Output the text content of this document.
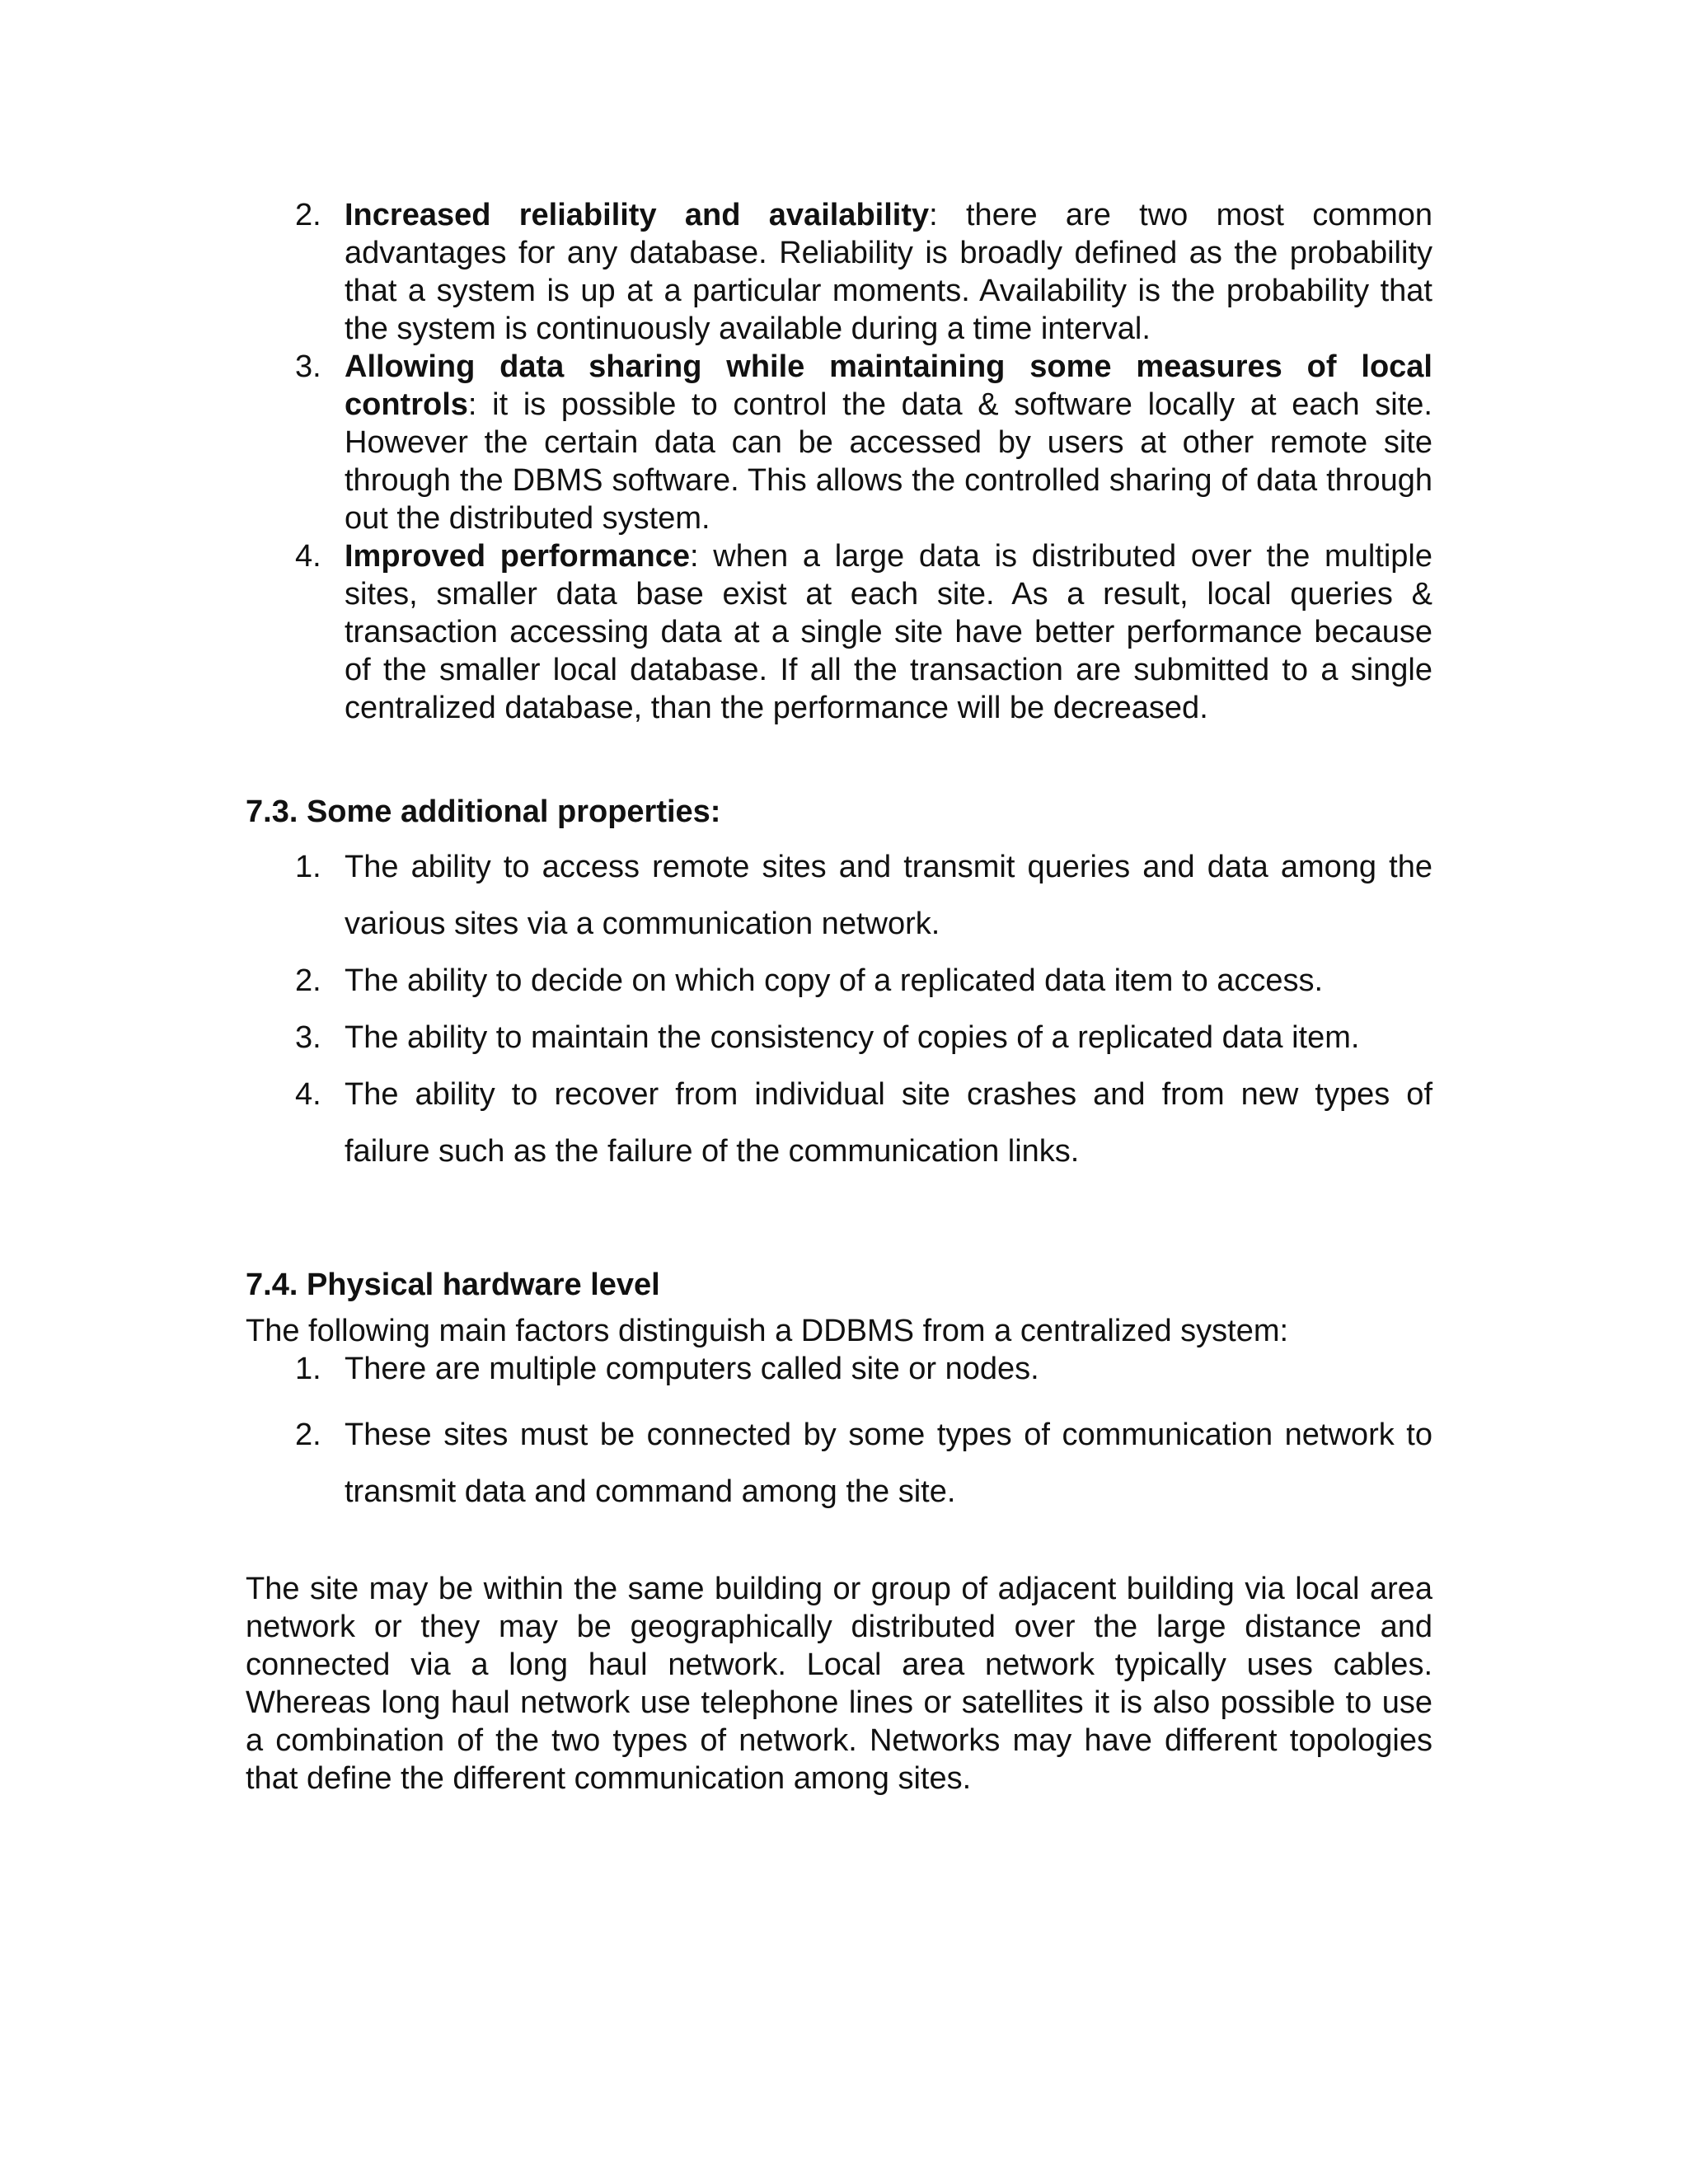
2. Increased reliability and availability: there are two most common advantages for any database. Reliability is broadly defined as the probability that a system is up at a particular moments. Availability is the probability that the system is continuously available during a time interval.
3. Allowing data sharing while maintaining some measures of local controls: it is possible to control the data & software locally at each site. However the certain data can be accessed by users at other remote site through the DBMS software. This allows the controlled sharing of data through out the distributed system.
4. Improved performance: when a large data is distributed over the multiple sites, smaller data base exist at each site. As a result, local queries & transaction accessing data at a single site have better performance because of the smaller local database. If all the transaction are submitted to a single centralized database, than the performance will be decreased.
7.3. Some additional properties:
1. The ability to access remote sites and transmit queries and data among the various sites via a communication network.
2. The ability to decide on which copy of a replicated data item to access.
3. The ability to maintain the consistency of copies of a replicated data item.
4. The ability to recover from individual site crashes and from new types of failure such as the failure of the communication links.
7.4. Physical hardware level

The following main factors distinguish a DDBMS from a centralized system:

1. There are multiple computers called site or nodes.
2. These sites must be connected by some types of communication network to transmit data and command among the site.

The site may be within the same building or group of adjacent building via local area network or they may be geographically distributed over the large distance and connected via a long haul network. Local area network typically uses cables. Whereas long haul network use telephone lines or satellites it is also possible to use a combination of the two types of network. Networks may have different topologies that define the different communication among sites.
